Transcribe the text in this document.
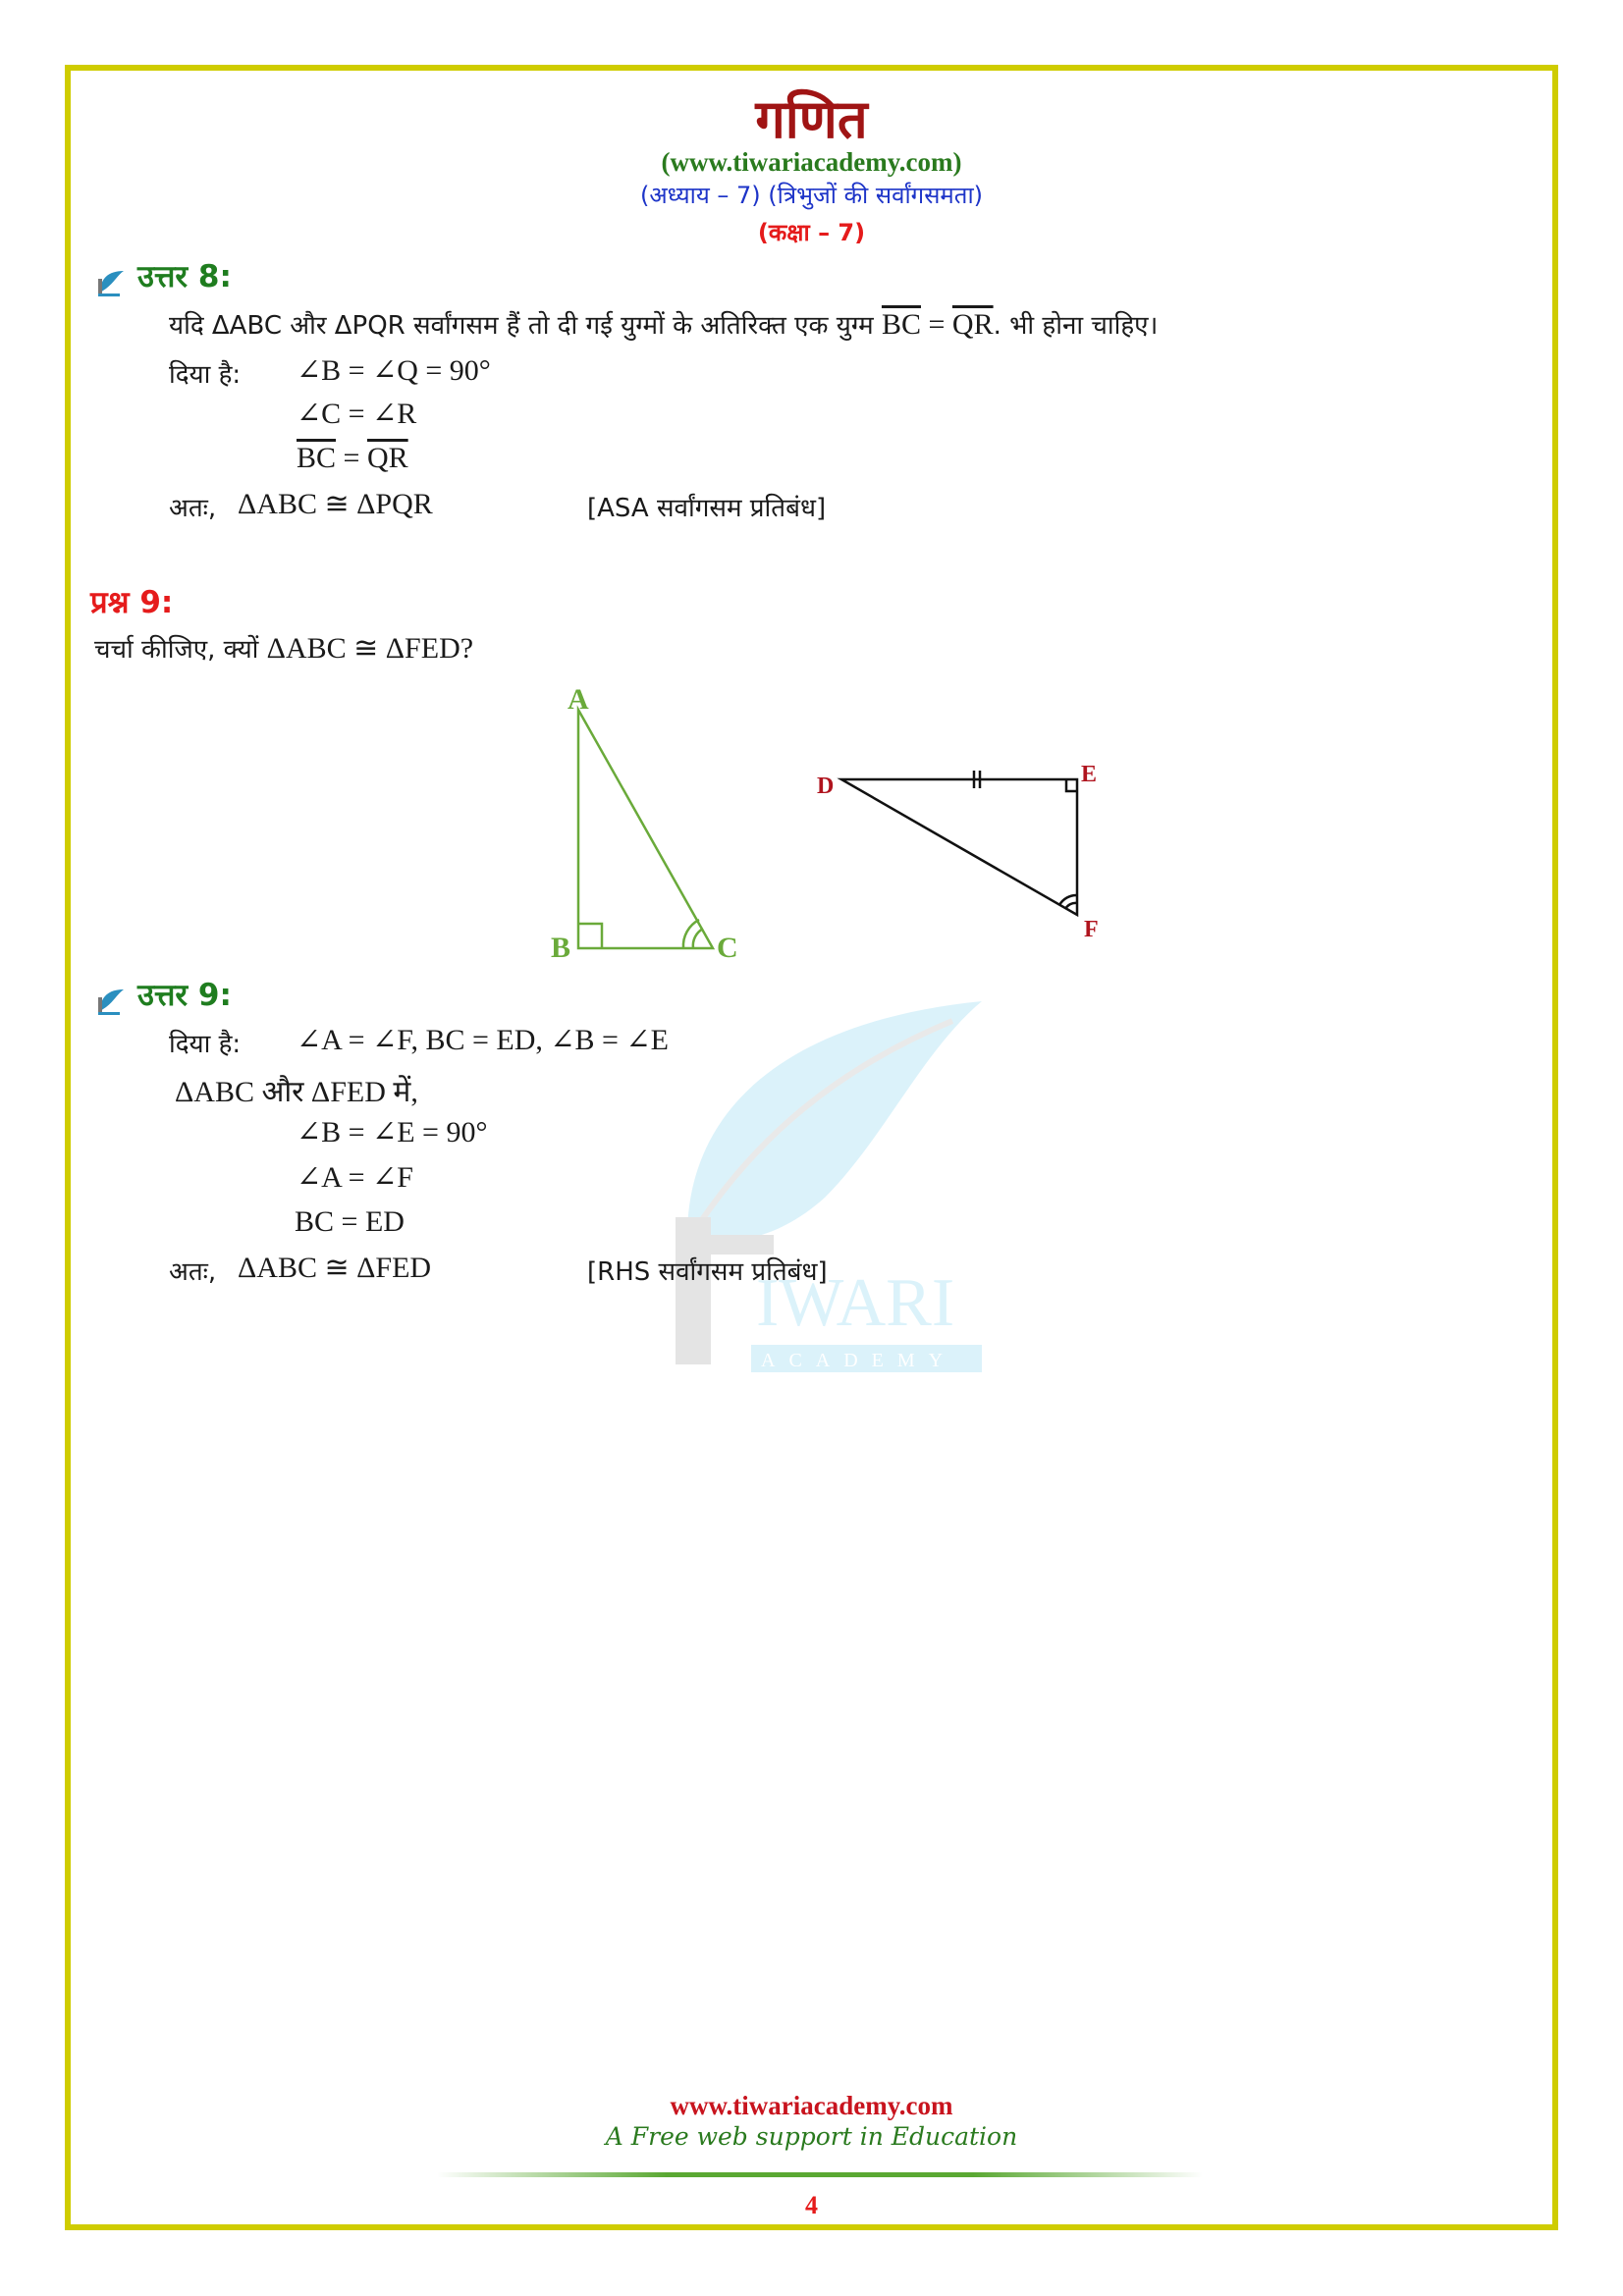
गणित
(www.tiwariacademy.com)
(अध्याय – 7) (त्रिभुजों की सर्वांगसमता)
(कक्षा – 7)
उत्तर 8:
यदि ΔABC और ΔPQR सर्वांगसम हैं तो दी गई युग्मों के अतिरिक्त एक युग्म $\overline{BC} = \overline{QR}$. भी होना चाहिए।
दिया है: ∠B = ∠Q = 90°
∠C = ∠R
$\overline{BC} = \overline{QR}$
अतः, ΔABC ≅ ΔPQR	[ASA सर्वांगसम प्रतिबंध]
प्रश्न 9:
चर्चा कीजिए, क्यों ΔABC ≅ ΔFED?
A
B	C
D	E
F
IWARI
ACADEMY
उत्तर 9:
दिया है: ∠A = ∠F, BC = ED, ∠B = ∠E
ΔABC और ΔFED में,
∠B = ∠E = 90°
∠A = ∠F
BC = ED
अतः, ΔABC ≅ ΔFED	[RHS सर्वांगसम प्रतिबंध]
www.tiwariacademy.com
A Free web support in Education
4
